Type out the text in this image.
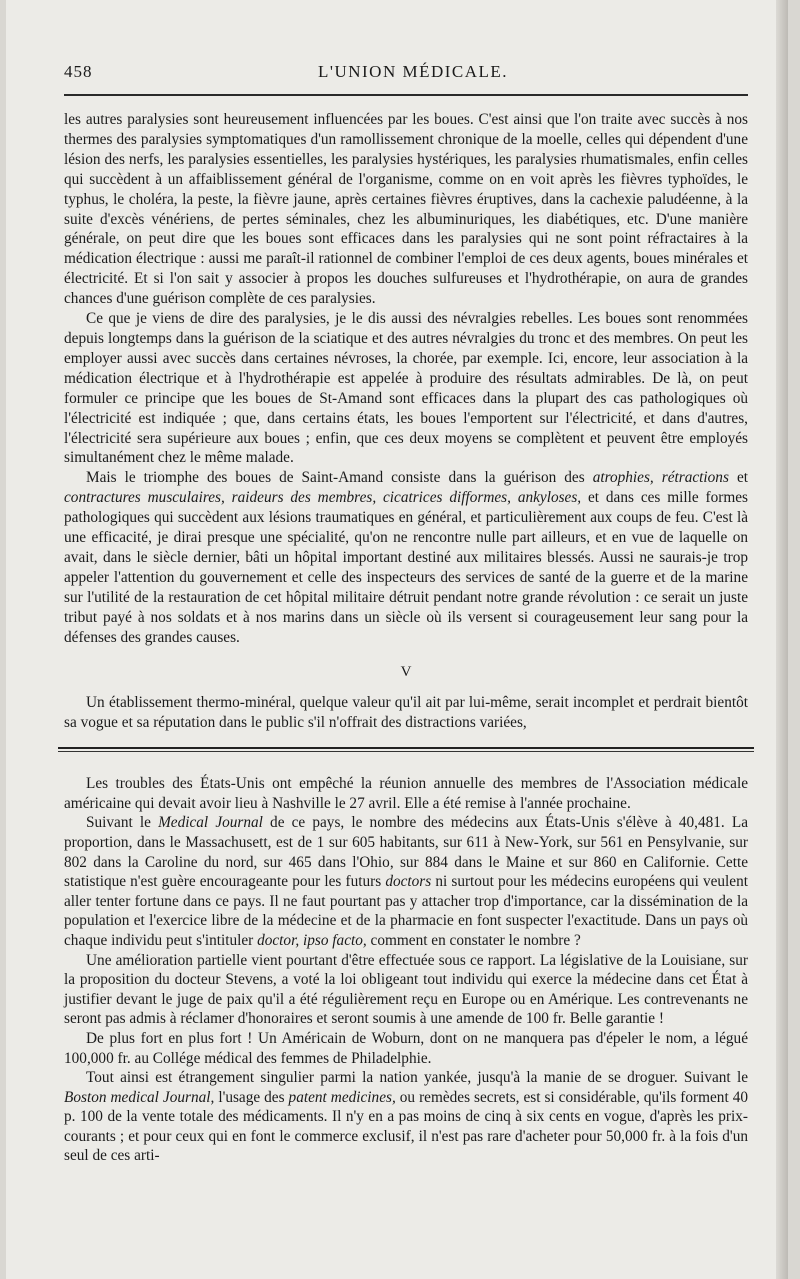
458	L'UNION MÉDICALE.

les autres paralysies sont heureusement influencées par les boues. C'est ainsi que l'on traite avec succès à nos thermes des paralysies symptomatiques d'un ramollissement chronique de la moelle, celles qui dépendent d'une lésion des nerfs, les paralysies essentielles, les paralysies hystériques, les paralysies rhumatismales, enfin celles qui succèdent à un affaiblissement général de l'organisme, comme on en voit après les fièvres typhoïdes, le typhus, le choléra, la peste, la fièvre jaune, après certaines fièvres éruptives, dans la cachexie paludéenne, à la suite d'excès vénériens, de pertes séminales, chez les albuminuriques, les diabétiques, etc. D'une manière générale, on peut dire que les boues sont efficaces dans les paralysies qui ne sont point réfractaires à la médication électrique : aussi me paraît-il rationnel de combiner l'emploi de ces deux agents, boues minérales et électricité. Et si l'on sait y associer à propos les douches sulfureuses et l'hydrothérapie, on aura de grandes chances d'une guérison complète de ces paralysies.

Ce que je viens de dire des paralysies, je le dis aussi des névralgies rebelles. Les boues sont renommées depuis longtemps dans la guérison de la sciatique et des autres névralgies du tronc et des membres. On peut les employer aussi avec succès dans certaines névroses, la chorée, par exemple. Ici, encore, leur association à la médication électrique et à l'hydrothérapie est appelée à produire des résultats admirables. De là, on peut formuler ce principe que les boues de St-Amand sont efficaces dans la plupart des cas pathologiques où l'électricité est indiquée ; que, dans certains états, les boues l'emportent sur l'électricité, et dans d'autres, l'électricité sera supérieure aux boues ; enfin, que ces deux moyens se complètent et peuvent être employés simultanément chez le même malade.

Mais le triomphe des boues de Saint-Amand consiste dans la guérison des atrophies, rétractions et contractures musculaires, raideurs des membres, cicatrices difformes, ankyloses, et dans ces mille formes pathologiques qui succèdent aux lésions traumatiques en général, et particulièrement aux coups de feu. C'est là une efficacité, je dirai presque une spécialité, qu'on ne rencontre nulle part ailleurs, et en vue de laquelle on avait, dans le siècle dernier, bâti un hôpital important destiné aux militaires blessés. Aussi ne saurais-je trop appeler l'attention du gouvernement et celle des inspecteurs des services de santé de la guerre et de la marine sur l'utilité de la restauration de cet hôpital militaire détruit pendant notre grande révolution : ce serait un juste tribut payé à nos soldats et à nos marins dans un siècle où ils versent si courageusement leur sang pour la défenses des grandes causes.

V

Un établissement thermo-minéral, quelque valeur qu'il ait par lui-même, serait incomplet et perdrait bientôt sa vogue et sa réputation dans le public s'il n'offrait des distractions variées,

Les troubles des États-Unis ont empêché la réunion annuelle des membres de l'Association médicale américaine qui devait avoir lieu à Nashville le 27 avril. Elle a été remise à l'année prochaine.

Suivant le Medical Journal de ce pays, le nombre des médecins aux États-Unis s'élève à 40,481. La proportion, dans le Massachusett, est de 1 sur 605 habitants, sur 611 à New-York, sur 561 en Pensylvanie, sur 802 dans la Caroline du nord, sur 465 dans l'Ohio, sur 884 dans le Maine et sur 860 en Californie. Cette statistique n'est guère encourageante pour les futurs doctors ni surtout pour les médecins européens qui veulent aller tenter fortune dans ce pays. Il ne faut pourtant pas y attacher trop d'importance, car la dissémination de la population et l'exercice libre de la médecine et de la pharmacie en font suspecter l'exactitude. Dans un pays où chaque individu peut s'intituler doctor, ipso facto, comment en constater le nombre ?

Une amélioration partielle vient pourtant d'être effectuée sous ce rapport. La législative de la Louisiane, sur la proposition du docteur Stevens, a voté la loi obligeant tout individu qui exerce la médecine dans cet État à justifier devant le juge de paix qu'il a été régulièrement reçu en Europe ou en Amérique. Les contrevenants ne seront pas admis à réclamer d'honoraires et seront soumis à une amende de 100 fr. Belle garantie !

De plus fort en plus fort ! Un Américain de Woburn, dont on ne manquera pas d'épeler le nom, a légué 100,000 fr. au Collége médical des femmes de Philadelphie.

Tout ainsi est étrangement singulier parmi la nation yankée, jusqu'à la manie de se droguer. Suivant le Boston medical Journal, l'usage des patent medicines, ou remèdes secrets, est si considérable, qu'ils forment 40 p. 100 de la vente totale des médicaments. Il n'y en a pas moins de cinq à six cents en vogue, d'après les prix-courants ; et pour ceux qui en font le commerce exclusif, il n'est pas rare d'acheter pour 50,000 fr. à la fois d'un seul de ces arti-
